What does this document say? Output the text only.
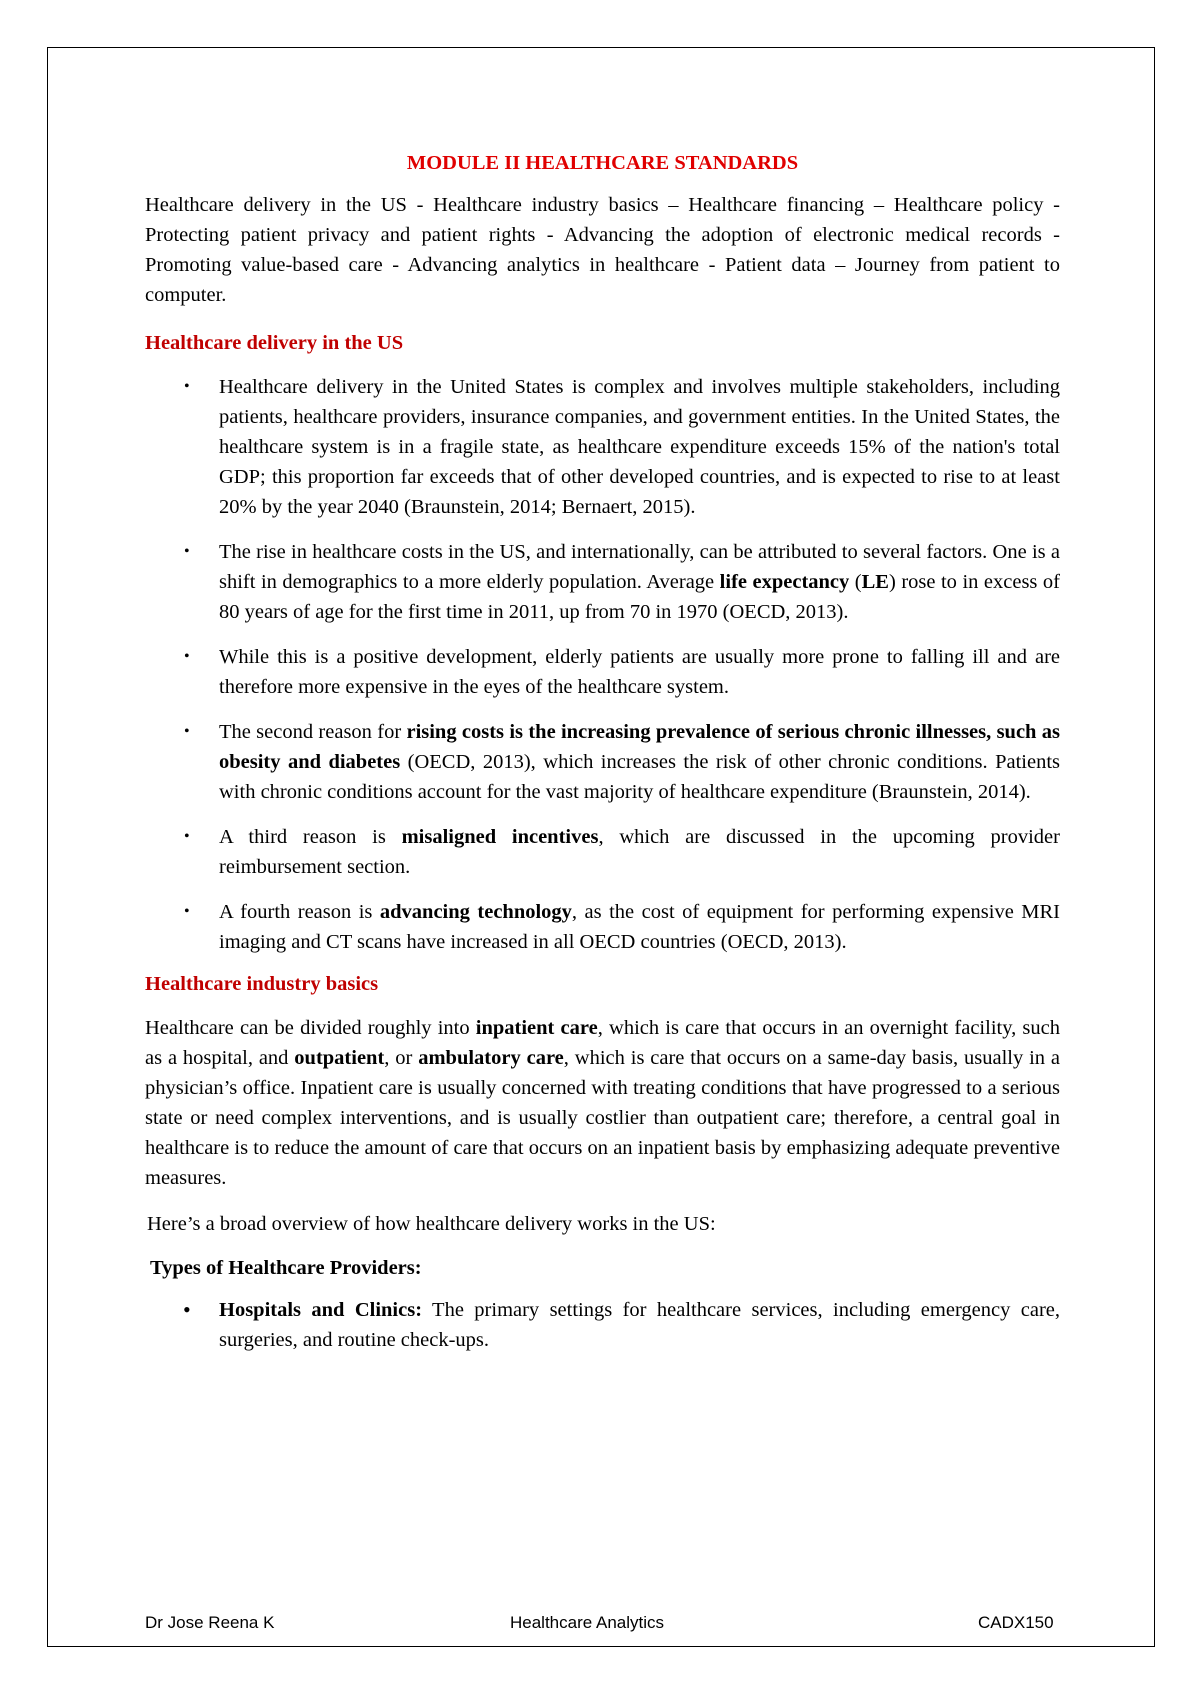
MODULE II HEALTHCARE STANDARDS

Healthcare delivery in the US - Healthcare industry basics – Healthcare financing – Healthcare policy - Protecting patient privacy and patient rights - Advancing the adoption of electronic medical records - Promoting value-based care - Advancing analytics in healthcare - Patient data – Journey from patient to computer.

Healthcare delivery in the US

• Healthcare delivery in the United States is complex and involves multiple stakeholders, including patients, healthcare providers, insurance companies, and government entities. In the United States, the healthcare system is in a fragile state, as healthcare expenditure exceeds 15% of the nation's total GDP; this proportion far exceeds that of other developed countries, and is expected to rise to at least 20% by the year 2040 (Braunstein, 2014; Bernaert, 2015).
• The rise in healthcare costs in the US, and internationally, can be attributed to several factors. One is a shift in demographics to a more elderly population. Average life expectancy (LE) rose to in excess of 80 years of age for the first time in 2011, up from 70 in 1970 (OECD, 2013).
• While this is a positive development, elderly patients are usually more prone to falling ill and are therefore more expensive in the eyes of the healthcare system.
• The second reason for rising costs is the increasing prevalence of serious chronic illnesses, such as obesity and diabetes (OECD, 2013), which increases the risk of other chronic conditions. Patients with chronic conditions account for the vast majority of healthcare expenditure (Braunstein, 2014).
• A third reason is misaligned incentives, which are discussed in the upcoming provider reimbursement section.
• A fourth reason is advancing technology, as the cost of equipment for performing expensive MRI imaging and CT scans have increased in all OECD countries (OECD, 2013).

Healthcare industry basics

Healthcare can be divided roughly into inpatient care, which is care that occurs in an overnight facility, such as a hospital, and outpatient, or ambulatory care, which is care that occurs on a same-day basis, usually in a physician’s office. Inpatient care is usually concerned with treating conditions that have progressed to a serious state or need complex interventions, and is usually costlier than outpatient care; therefore, a central goal in healthcare is to reduce the amount of care that occurs on an inpatient basis by emphasizing adequate preventive measures.

Here’s a broad overview of how healthcare delivery works in the US:

Types of Healthcare Providers:

• Hospitals and Clinics: The primary settings for healthcare services, including emergency care, surgeries, and routine check-ups.
Dr Jose Reena K	Healthcare Analytics	CADX150
